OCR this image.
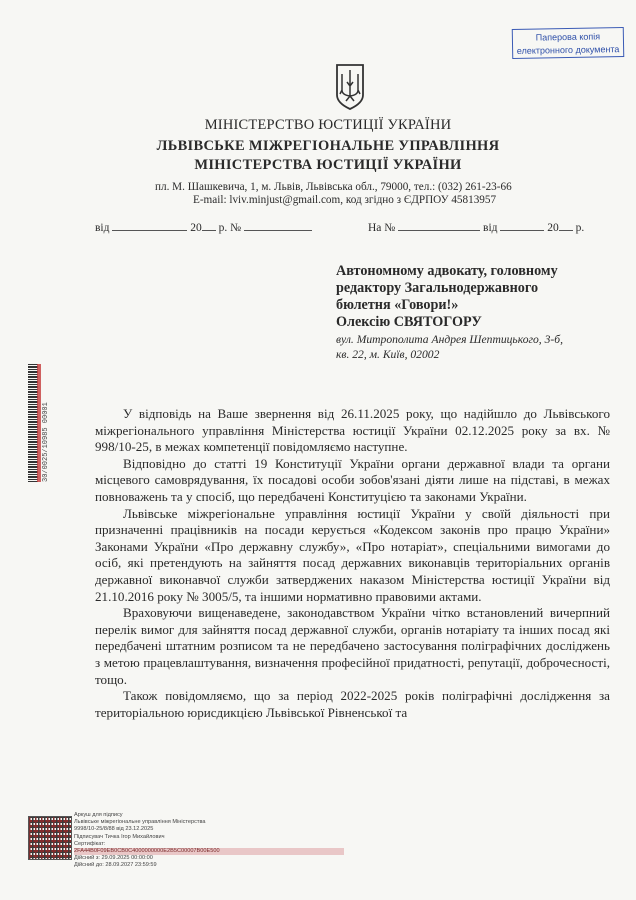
Паперова копія
електронного документа
МІНІСТЕРСТВО ЮСТИЦІЇ УКРАЇНИ
ЛЬВІВСЬКЕ МІЖРЕГІОНАЛЬНЕ УПРАВЛІННЯ
МІНІСТЕРСТВА ЮСТИЦІЇ УКРАЇНИ
пл. М. Шашкевича, 1, м. Львів, Львівська обл., 79000, тел.: (032) 261-23-66
E-mail: lviv.minjust@gmail.com, код згідно з ЄДРПОУ 45813957
від	20 р. №	На №	від	20 р.
Автономному адвокату, головному
редактору Загальнодержавного
бюлетня «Говори!»
Олексію СВЯТОГОРУ
вул. Митрополита Андрея Шептицького, 3-б,
кв. 22, м. Київ, 02002
30/0025/10985 00001	У відповідь на Ваше звернення від 26.11.2025 року, що надійшло до Львівського міжрегіонального управління Міністерства юстиції України 02.12.2025 року за вх. № 998/10-25, в межах компетенції повідомляємо наступне.

Відповідно до статті 19 Конституції України органи державної влади та органи місцевого самоврядування, їх посадові особи зобов'язані діяти лише на підставі, в межах повноважень та у спосіб, що передбачені Конституцією та законами України.

Львівське міжрегіональне управління юстиції України у своїй діяльності при призначенні працівників на посади керується «Кодексом законів про працю України» Законами України «Про державну службу», «Про нотаріат», спеціальними вимогами до осіб, які претендують на зайняття посад державних виконавців територіальних органів державної виконавчої служби затверджених наказом Міністерства юстиції України від 21.10.2016 року № 3005/5, та іншими нормативно правовими актами.

Враховуючи вищенаведене, законодавством України чітко встановлений вичерпний перелік вимог для зайняття посад державної служби, органів нотаріату та інших посад які передбачені штатним розписом та не передбачено застосування поліграфічних досліджень з метою працевлаштування, визначення професійної придатності, репутації, доброчесності, тощо.

Також повідомляємо, що за період 2022-2025 років поліграфічні дослідження за територіальною юрисдикцією Львівської Рівненської та

Аркуш для підпису
Львівське міжрегіональне управління Міністерства
9998/10-25/8/88 від 23.12.2025
Підписувач Тичка Ігор Михайлович
Сертифікат:
2FA44B0F09EB0CB0C4000000000E2B5C00007B00E500
Дійсний з: 29.09.2025 00:00:00
Дійсний до: 28.09.2027 23:59:59
